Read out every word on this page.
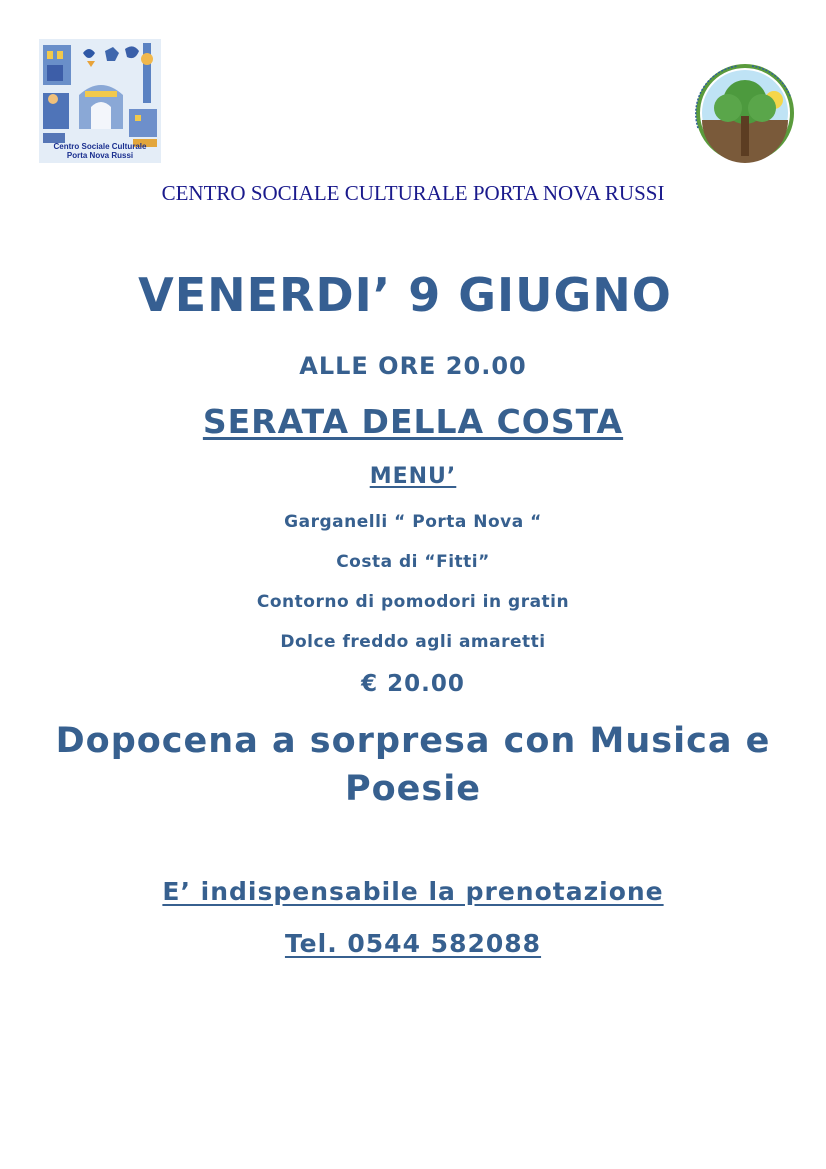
Centro Sociale Culturale
Porta Nova Russi
CENTRO SOCIALE CULTURALE PORTA NOVA RUSSI
VENERDI’ 9 GIUGNO
ALLE ORE 20.00
SERATA DELLA COSTA
MENU’
Garganelli “ Porta Nova “
Costa di “Fitti”
Contorno di pomodori in gratin
Dolce freddo agli amaretti
€ 20.00
Dopocena a sorpresa con Musica e Poesie
E’ indispensabile la prenotazione
Tel. 0544 582088
